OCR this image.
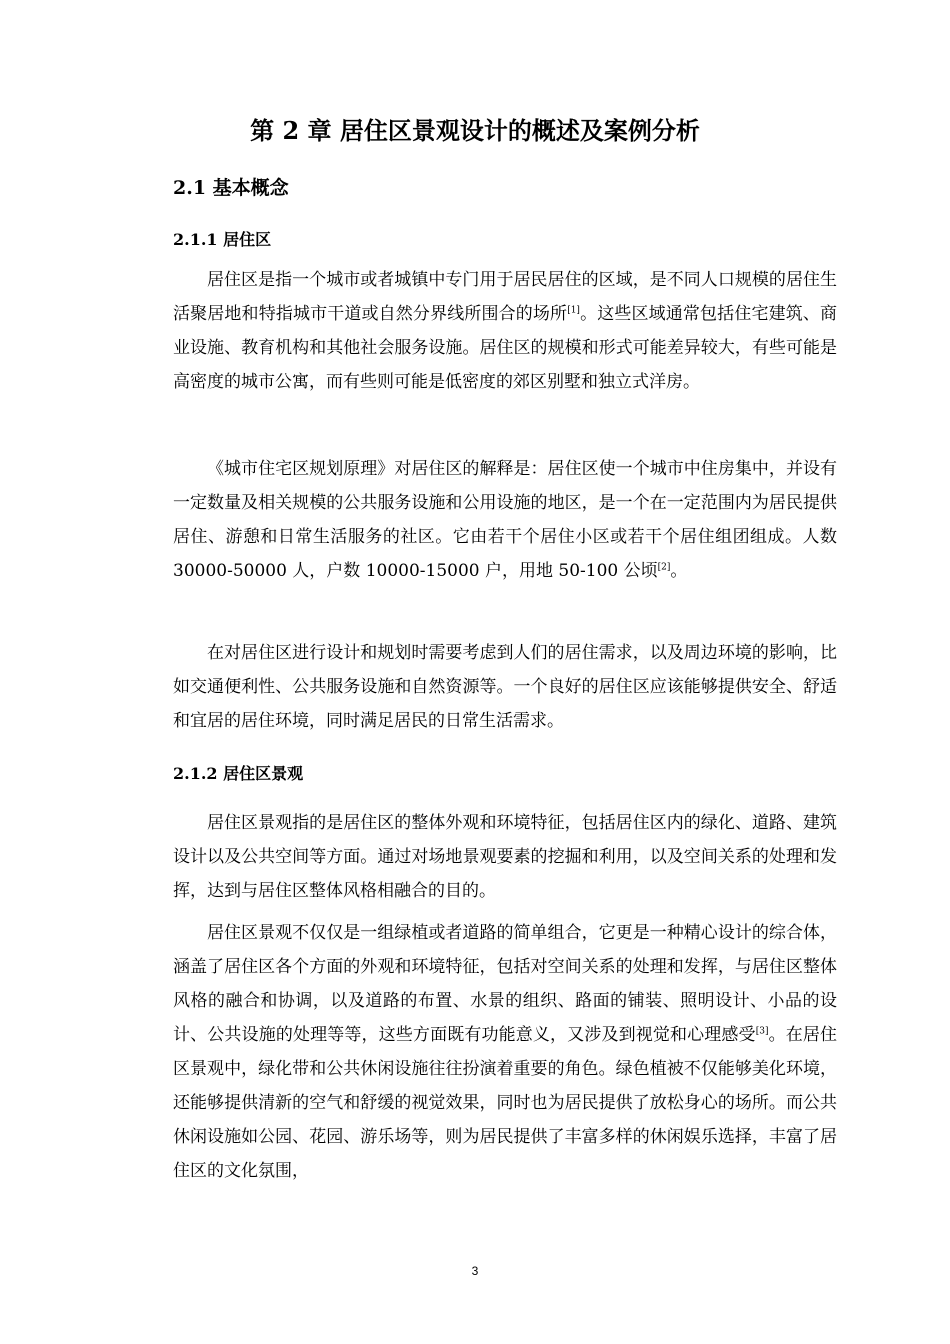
第 2 章 居住区景观设计的概述及案例分析
2.1 基本概念
2.1.1 居住区
居住区是指一个城市或者城镇中专门用于居民居住的区域，是不同人口规模的居住生活聚居地和特指城市干道或自然分界线所围合的场所[1]。这些区域通常包括住宅建筑、商业设施、教育机构和其他社会服务设施。居住区的规模和形式可能差异较大，有些可能是高密度的城市公寓，而有些则可能是低密度的郊区别墅和独立式洋房。
《城市住宅区规划原理》对居住区的解释是：居住区使一个城市中住房集中，并设有一定数量及相关规模的公共服务设施和公用设施的地区，是一个在一定范围内为居民提供居住、游憩和日常生活服务的社区。它由若干个居住小区或若干个居住组团组成。人数 30000-50000 人，户数 10000-15000 户，用地 50-100 公顷[2]。
在对居住区进行设计和规划时需要考虑到人们的居住需求，以及周边环境的影响，比如交通便利性、公共服务设施和自然资源等。一个良好的居住区应该能够提供安全、舒适和宜居的居住环境，同时满足居民的日常生活需求。
2.1.2 居住区景观
居住区景观指的是居住区的整体外观和环境特征，包括居住区内的绿化、道路、建筑设计以及公共空间等方面。通过对场地景观要素的挖掘和利用，以及空间关系的处理和发挥，达到与居住区整体风格相融合的目的。
居住区景观不仅仅是一组绿植或者道路的简单组合，它更是一种精心设计的综合体，涵盖了居住区各个方面的外观和环境特征，包括对空间关系的处理和发挥，与居住区整体风格的融合和协调，以及道路的布置、水景的组织、路面的铺装、照明设计、小品的设计、公共设施的处理等等，这些方面既有功能意义，又涉及到视觉和心理感受[3]。在居住区景观中，绿化带和公共休闲设施往往扮演着重要的角色。绿色植被不仅能够美化环境，还能够提供清新的空气和舒缓的视觉效果，同时也为居民提供了放松身心的场所。而公共休闲设施如公园、花园、游乐场等，则为居民提供了丰富多样的休闲娱乐选择，丰富了居住区的文化氛围，
3
